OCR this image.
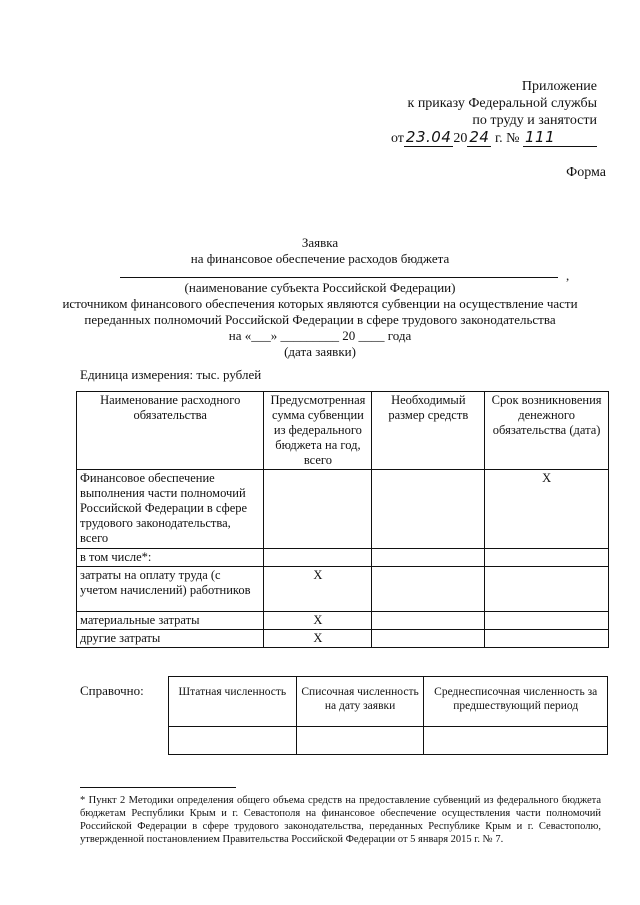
Приложение
к приказу Федеральной службы
по труду и занятости
от 23.04 20 24 г. № 111
Форма
Заявка
на финансовое обеспечение расходов бюджета
,
(наименование субъекта Российской Федерации)
источником финансового обеспечения которых являются субвенции на осуществление части
переданных полномочий Российской Федерации в сфере трудового законодательства
на «___» _________ 20 ____ года
(дата заявки)
Единица измерения: тыс. рублей
Наименование расходного обязательства	Предусмотренная сумма субвенции из федерального бюджета на год, всего	Необходимый размер средств	Срок возникновения денежного обязательства (дата)
Финансовое обеспечение выполнения части полномочий Российской Федерации в сфере трудового законодательства, всего			X
в том числе*:			
затраты на оплату труда (с учетом начислений) работников	X		
материальные затраты	X		
другие затраты	X		
Справочно:	Штатная численность	Списочная численность на дату заявки	Среднесписочная численность за предшествующий период

* Пункт 2 Методики определения общего объема средств на предоставление субвенций из федерального бюджета бюджетам Республики Крым и г. Севастополя на финансовое обеспечение осуществления части полномочий Российской Федерации в сфере трудового законодательства, переданных Республике Крым и г. Севастополю, утвержденной постановлением Правительства Российской Федерации от 5 января 2015 г. № 7.
